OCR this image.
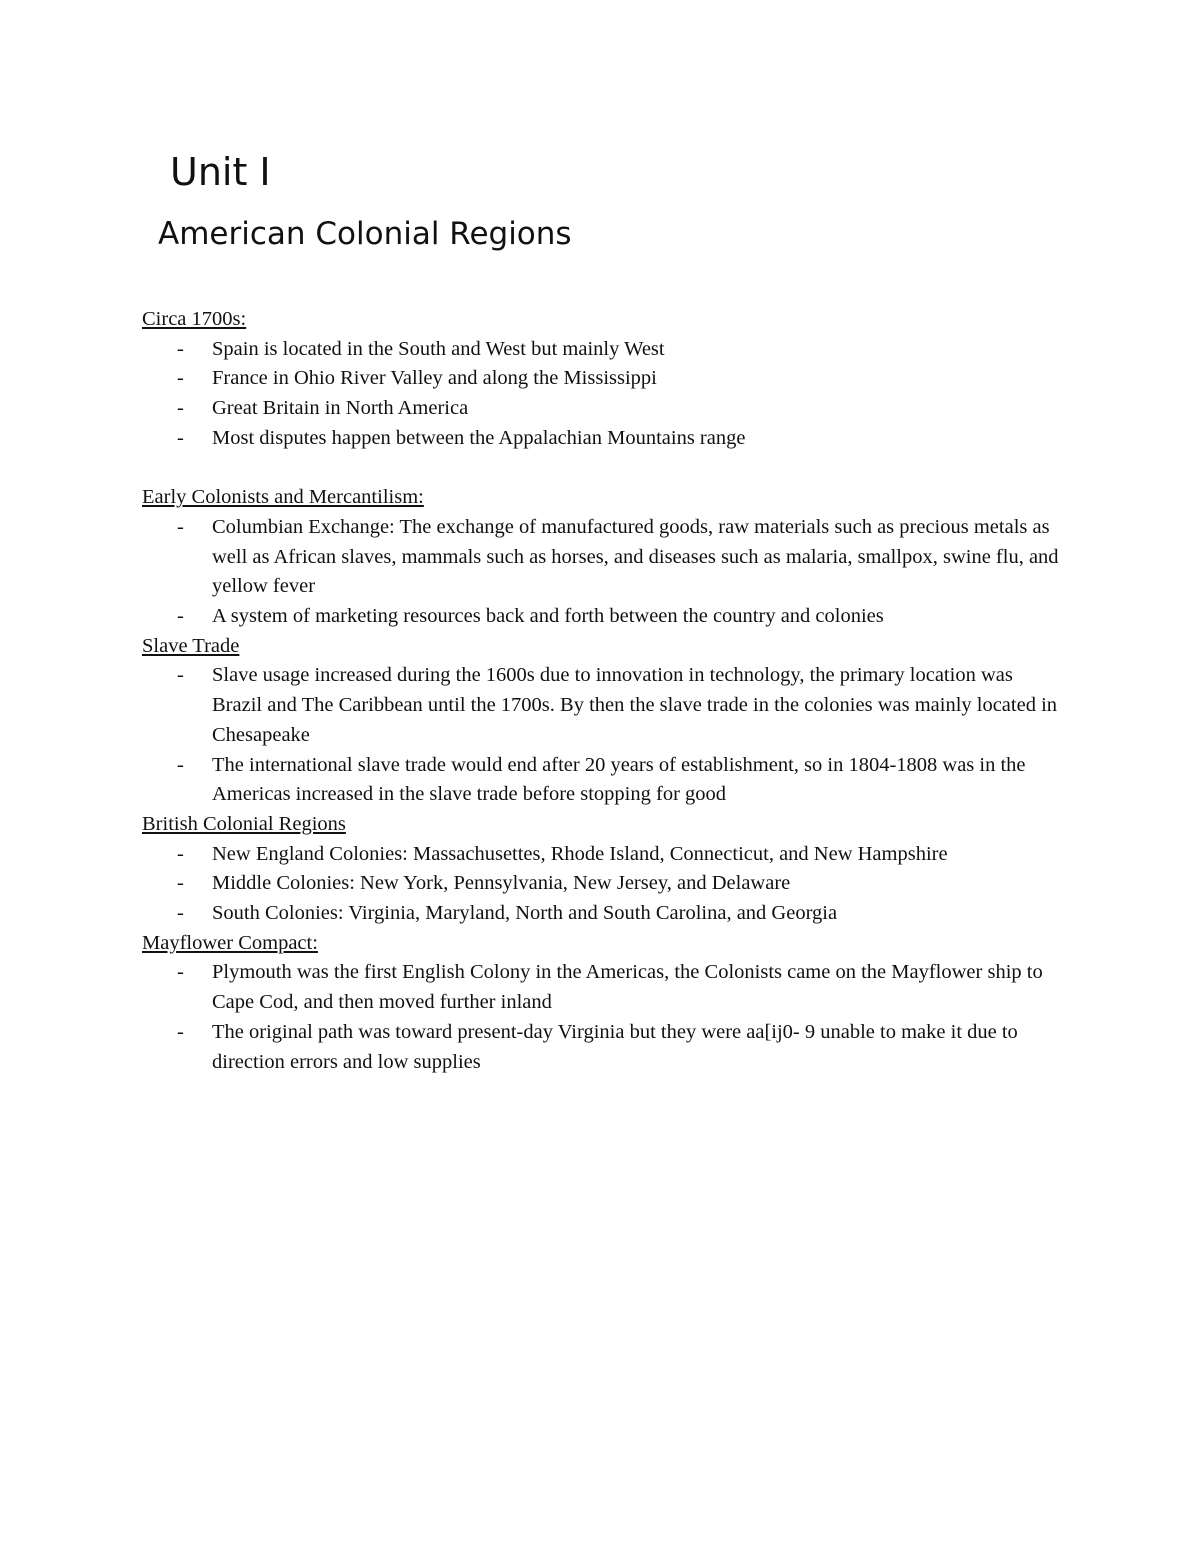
Unit I
American Colonial Regions

Circa 1700s:

- Spain is located in the South and West but mainly West
- France in Ohio River Valley and along the Mississippi
- Great Britain in North America
- Most disputes happen between the Appalachian Mountains range

Early Colonists and Mercantilism:

- Columbian Exchange: The exchange of manufactured goods, raw materials such as precious metals as well as African slaves, mammals such as horses, and diseases such as malaria, smallpox, swine flu, and yellow fever
- A system of marketing resources back and forth between the country and colonies

Slave Trade

- Slave usage increased during the 1600s due to innovation in technology, the primary location was Brazil and The Caribbean until the 1700s. By then the slave trade in the colonies was mainly located in Chesapeake
- The international slave trade would end after 20 years of establishment, so in 1804-1808 was in the Americas increased in the slave trade before stopping for good

British Colonial Regions

- New England Colonies: Massachusettes, Rhode Island, Connecticut, and New Hampshire
- Middle Colonies: New York, Pennsylvania, New Jersey, and Delaware
- South Colonies: Virginia, Maryland, North and South Carolina, and Georgia

Mayflower Compact:

- Plymouth was the first English Colony in the Americas, the Colonists came on the Mayflower ship to Cape Cod, and then moved further inland
- The original path was toward present-day Virginia but they were aa[ij0- 9 unable to make it due to direction errors and low supplies
